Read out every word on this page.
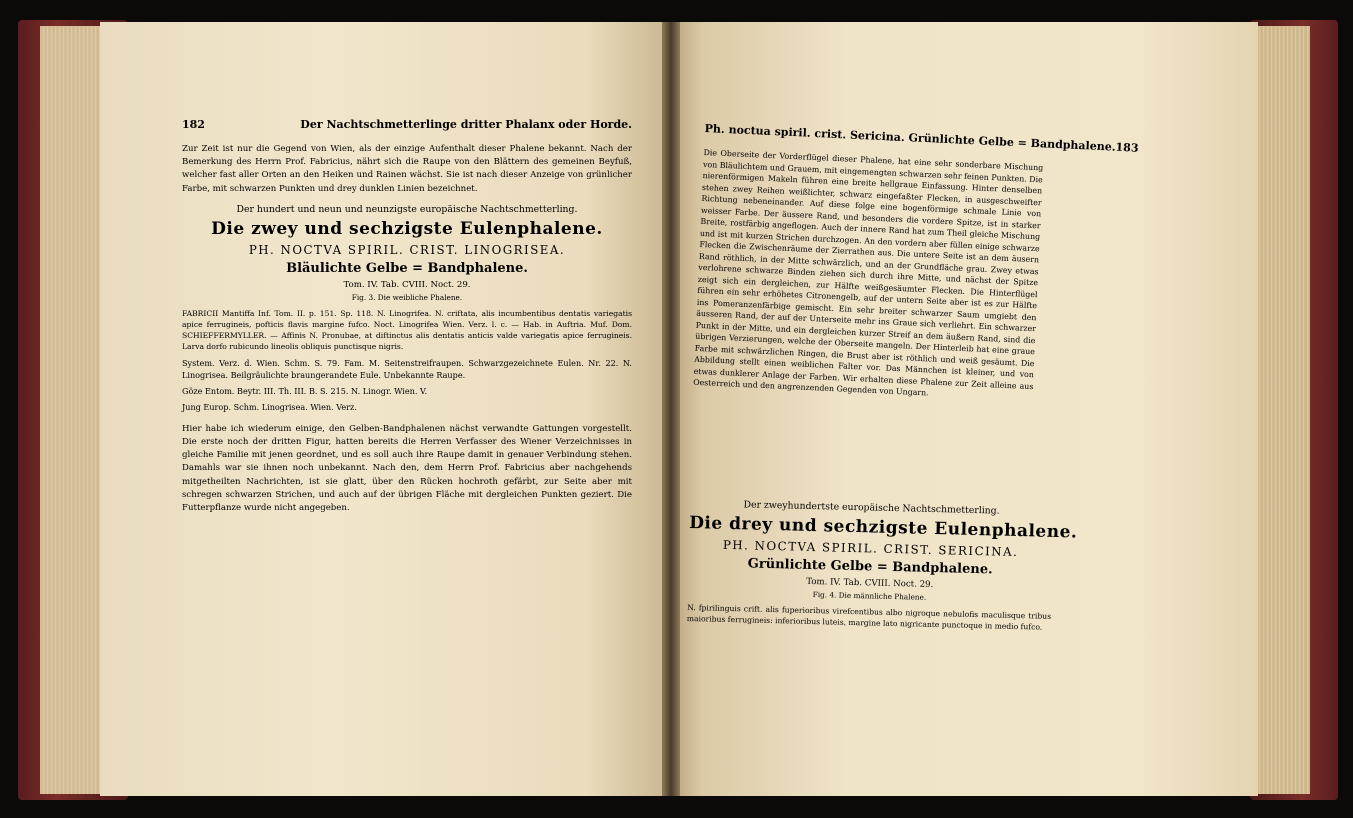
182	Der Nachtschmetterlinge dritter Phalanx oder Horde.

Zur Zeit ist nur die Gegend von Wien, als der einzige Aufenthalt dieser Phalene bekannt. Nach der Bemerkung des Herrn Prof. Fabricius, nährt sich die Raupe von den Blättern des gemeinen Beyfuß, welcher fast aller Orten an den Heiken und Rainen wächst. Sie ist nach dieser Anzeige von grünlicher Farbe, mit schwarzen Punkten und drey dunklen Linien bezeichnet.

Der hundert und neun und neunzigste europäische Nachtschmetterling.
Die zwey und sechzigste Eulenphalene.
PH. NOCTVA SPIRIL. CRIST. LINOGRISEA.
Bläulichte Gelbe = Bandphalene.
Tom. IV. Tab. CVIII. Noct. 29.
Fig. 3. Die weibliche Phalene.

FABRICII Mantiffa Inf. Tom. II. p. 151. Sp. 118. N. Linogrifea. N. criftata, alis incumbentibus dentatis variegatis apice ferrugineis, pofticis flavis margine fufco. Noct. Linogrifea Wien. Verz. l. c. — Hab. in Auftria. Muf. Dom. SCHIEFFERMYLLER. — Affinis N. Pronubae, at diftinctus alis dentatis anticis valde variegatis apice ferrugineis. Larva dorfo rubicundo lineolis obliquis punctisque nigris.

System. Verz. d. Wien. Schm. S. 79. Fam. M. Seitenstreifraupen. Schwarzgezeichnete Eulen. Nr. 22. N. Linogrisea. Beilgräulichte braungerandete Eule. Unbekannte Raupe.

Göze Entom. Beytr. III. Th. III. B. S. 215. N. Linogr. Wien. V.

Jung Europ. Schm. Linogrisea. Wien. Verz.

Hier habe ich wiederum einige, den Gelben-Bandphalenen nächst verwandte Gattungen vorgestellt. Die erste noch der dritten Figur, hatten bereits die Herren Verfasser des Wiener Verzeichnisses in gleiche Familie mit jenen geordnet, und es soll auch ihre Raupe damit in genauer Verbindung stehen. Damahls war sie ihnen noch unbekannt. Nach den, dem Herrn Prof. Fabricius aber nachgehends mitgetheilten Nachrichten, ist sie glatt, über den Rücken hochroth gefärbt, zur Seite aber mit schregen schwarzen Strichen, und auch auf der übrigen Fläche mit dergleichen Punkten geziert. Die Futterpflanze wurde nicht angegeben.

Ph. noctua spiril. crist. Sericina. Grünlichte Gelbe = Bandphalene. 183

Die Oberseite der Vorderflügel dieser Phalene, hat eine sehr sonderbare Mischung von Bläulichtem und Grauem, mit eingemengten schwarzen sehr feinen Punkten. Die nierenförmigen Makeln führen eine breite hellgraue Einfassung. Hinter denselben stehen zwey Reihen weißlichter, schwarz eingefaßter Flecken, in ausgeschweifter Richtung nebeneinander. Auf diese folge eine bogenförmige schmale Linie von weisser Farbe. Der äussere Rand, und besonders die vordere Spitze, ist in starker Breite, rostfärbig angeflogen. Auch der innere Rand hat zum Theil gleiche Mischung und ist mit kurzen Strichen durchzogen. An den vordern aber füllen einige schwarze Flecken die Zwischenräume der Zierrathen aus. Die untere Seite ist an dem äusern Rand röthlich, in der Mitte schwärzlich, und an der Grundfläche grau. Zwey etwas verlohrene schwarze Binden ziehen sich durch ihre Mitte, und nächst der Spitze zeigt sich ein dergleichen, zur Hälfte weißgesäumter Flecken. Die Hinterflügel führen ein sehr erhöhetes Citronengelb, auf der untern Seite aber ist es zur Hälfte ins Pomeranzenfärbige gemischt. Ein sehr breiter schwarzer Saum umgiebt den äusseren Rand, der auf der Unterseite mehr ins Graue sich verliehrt. Ein schwarzer Punkt in der Mitte, und ein dergleichen kurzer Streif an dem äußern Rand, sind die übrigen Verzierungen, welche der Oberseite mangeln. Der Hinterleib hat eine graue Farbe mit schwärzlichen Ringen, die Brust aber ist röthlich und weiß gesäumt. Die Abbildung stellt einen weiblichen Falter vor. Das Männchen ist kleiner, und von etwas dunklerer Anlage der Farben. Wir erhalten diese Phalene zur Zeit alleine aus Oesterreich und den angrenzenden Gegenden von Ungarn.

Der zweyhundertste europäische Nachtschmetterling.
Die drey und sechzigste Eulenphalene.
PH. NOCTVA SPIRIL. CRIST. SERICINA.
Grünlichte Gelbe = Bandphalene.
Tom. IV. Tab. CVIII. Noct. 29.
Fig. 4. Die männliche Phalene.

N. fpirilinguis crift. alis fuperioribus virefcentibus albo nigroque nebulofis maculisque tribus maioribus ferrugineis: inferioribus luteis, margine lato nigricante punctoque in medio fufco.
